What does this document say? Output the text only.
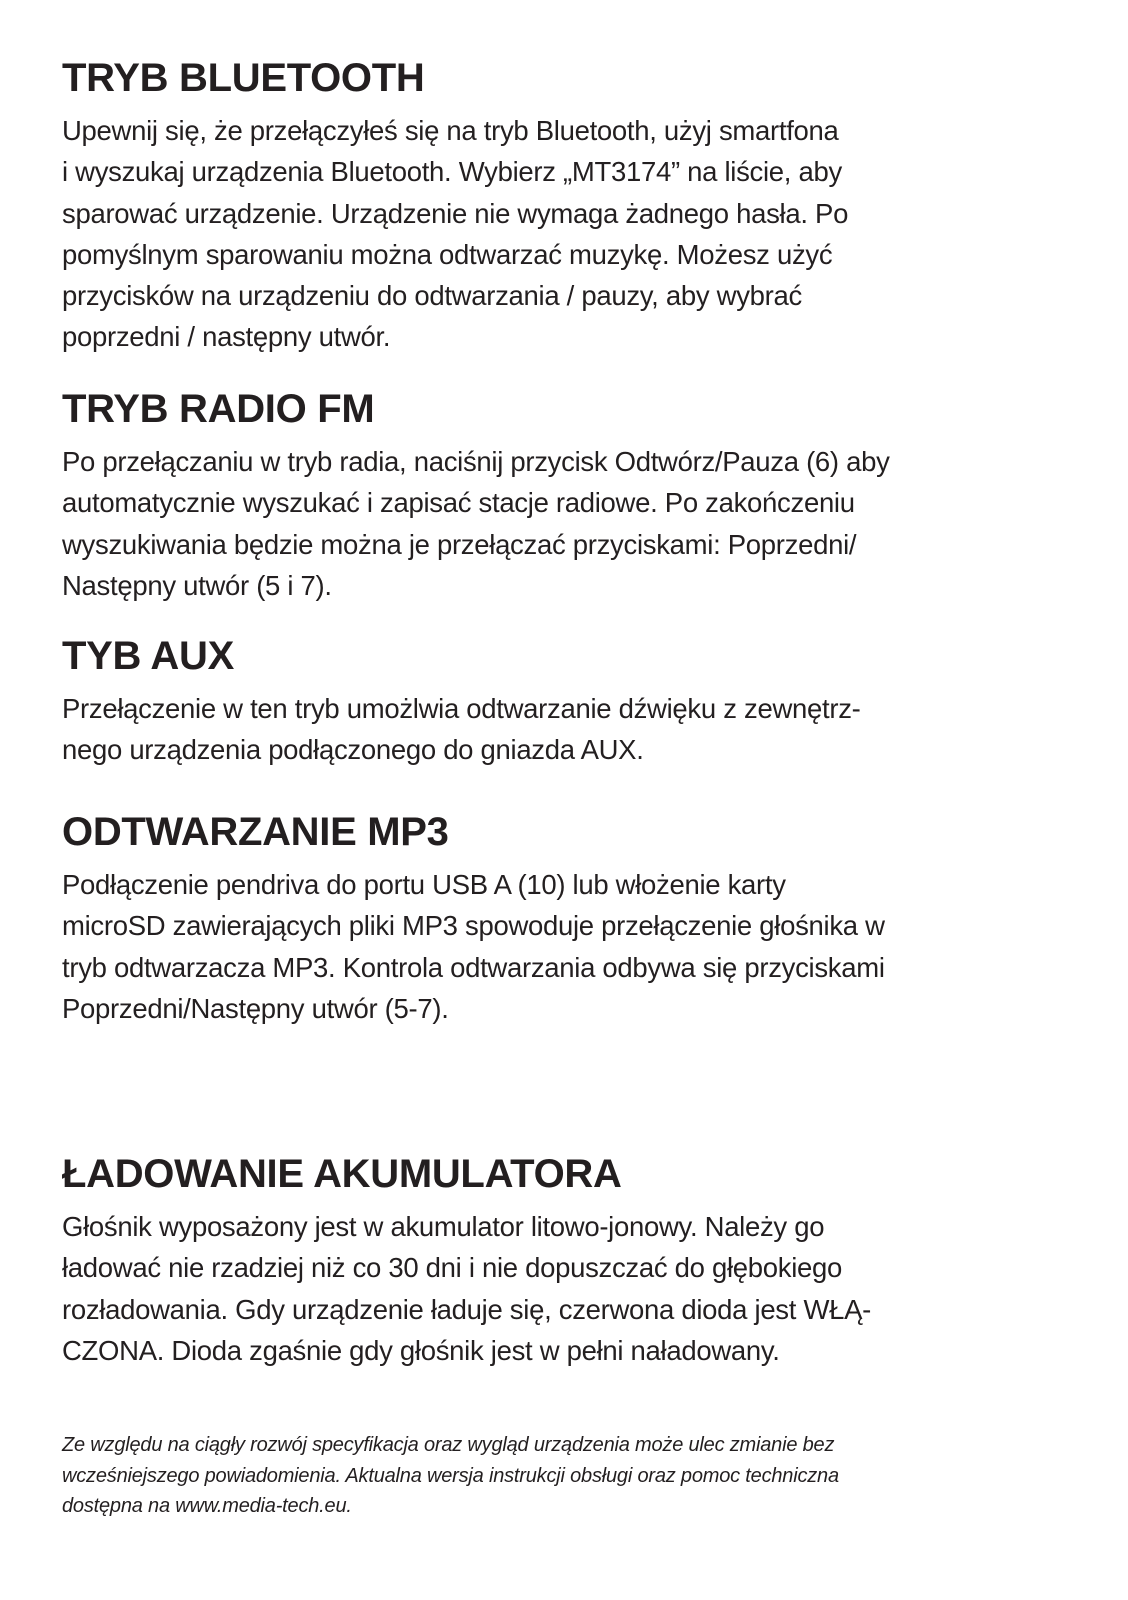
TRYB BLUETOOTH

Upewnij się, że przełączyłeś się na tryb Bluetooth, użyj smartfona
i wyszukaj urządzenia Bluetooth. Wybierz „MT3174” na liście, aby
sparować urządzenie. Urządzenie nie wymaga żadnego hasła. Po
pomyślnym sparowaniu można odtwarzać muzykę. Możesz użyć
przycisków na urządzeniu do odtwarzania / pauzy, aby wybrać
poprzedni / następny utwór.

TRYB RADIO FM

Po przełączaniu w tryb radia, naciśnij przycisk Odtwórz/Pauza (6) aby
automatycznie wyszukać i zapisać stacje radiowe. Po zakończeniu
wyszukiwania będzie można je przełączać przyciskami: Poprzedni/
Następny utwór (5 i 7).

TYB AUX

Przełączenie w ten tryb umożlwia odtwarzanie dźwięku z zewnętrz-
nego urządzenia podłączonego do gniazda AUX.

ODTWARZANIE MP3

Podłączenie pendriva do portu USB A (10) lub włożenie karty
microSD zawierających pliki MP3 spowoduje przełączenie głośnika w
tryb odtwarzacza MP3. Kontrola odtwarzania odbywa się przyciskami
Poprzedni/Następny utwór (5-7).

ŁADOWANIE AKUMULATORA

Głośnik wyposażony jest w akumulator litowo-jonowy. Należy go
ładować nie rzadziej niż co 30 dni i nie dopuszczać do głębokiego
rozładowania. Gdy urządzenie ładuje się, czerwona dioda jest WŁĄ-
CZONA. Dioda zgaśnie gdy głośnik jest w pełni naładowany.

Ze względu na ciągły rozwój specyfikacja oraz wygląd urządzenia może ulec zmianie bez
wcześniejszego powiadomienia. Aktualna wersja instrukcji obsługi oraz pomoc techniczna
dostępna na www.media-tech.eu.
